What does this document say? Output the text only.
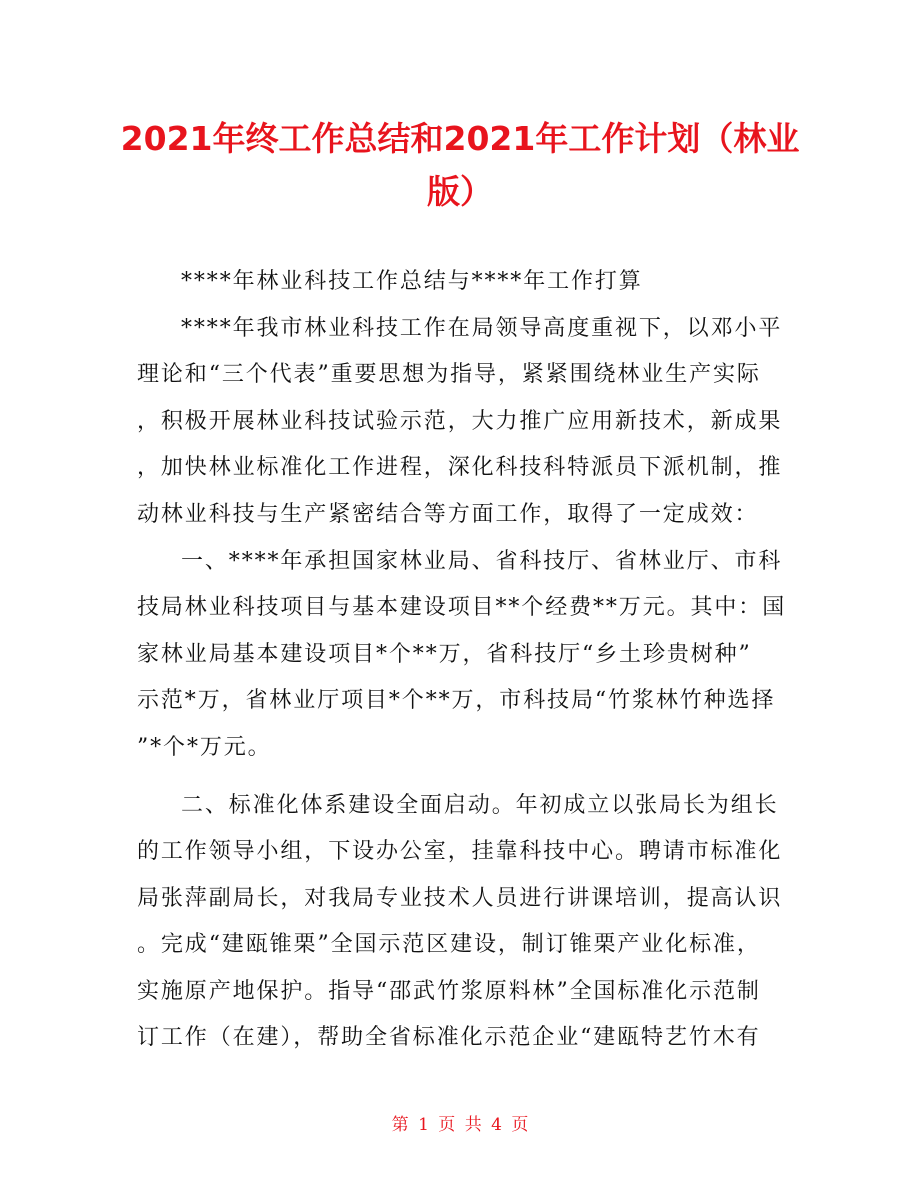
2021年终工作总结和2021年工作计划（林业
版）
****年林业科技工作总结与****年工作打算
****年我市林业科技工作在局领导高度重视下，以邓小平
理论和“三个代表”重要思想为指导，紧紧围绕林业生产实际
，积极开展林业科技试验示范，大力推广应用新技术，新成果
，加快林业标准化工作进程，深化科技科特派员下派机制，推
动林业科技与生产紧密结合等方面工作，取得了一定成效：
一、****年承担国家林业局、省科技厅、省林业厅、市科
技局林业科技项目与基本建设项目**个经费**万元。其中：国
家林业局基本建设项目*个**万，省科技厅“乡土珍贵树种”
示范*万，省林业厅项目*个**万，市科技局“竹浆林竹种选择
”*个*万元。
二、标准化体系建设全面启动。年初成立以张局长为组长
的工作领导小组，下设办公室，挂靠科技中心。聘请市标准化
局张萍副局长，对我局专业技术人员进行讲课培训，提高认识
。完成“建瓯锥栗”全国示范区建设，制订锥栗产业化标准，
实施原产地保护。指导“邵武竹浆原料林”全国标准化示范制
订工作（在建），帮助全省标准化示范企业“建瓯特艺竹木有
第 1 页 共 4 页
